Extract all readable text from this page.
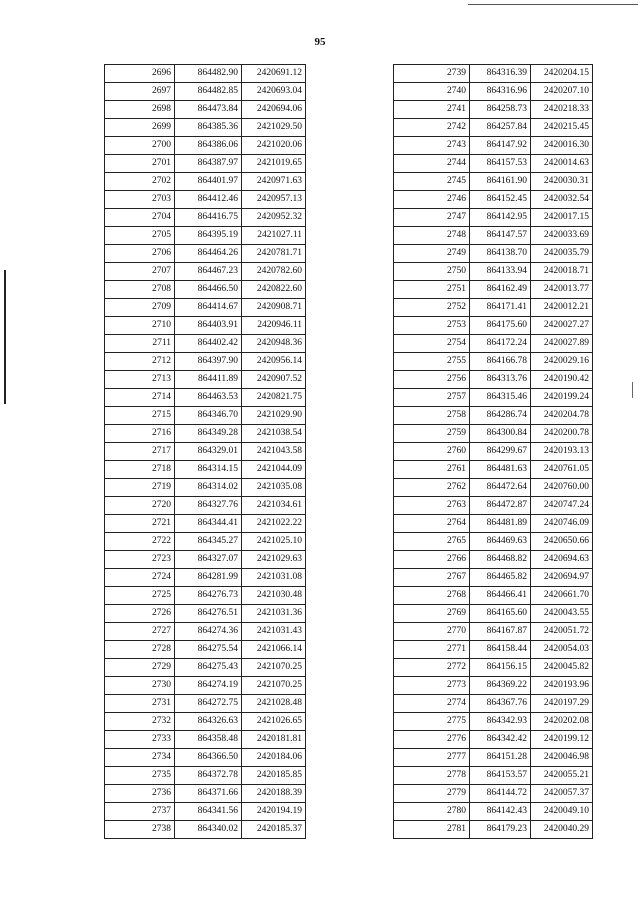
95
2696	864482.90	2420691.12
2697	864482.85	2420693.04
2698	864473.84	2420694.06
2699	864385.36	2421029.50
2700	864386.06	2421020.06
2701	864387.97	2421019.65
2702	864401.97	2420971.63
2703	864412.46	2420957.13
2704	864416.75	2420952.32
2705	864395.19	2421027.11
2706	864464.26	2420781.71
2707	864467.23	2420782.60
2708	864466.50	2420822.60
2709	864414.67	2420908.71
2710	864403.91	2420946.11
2711	864402.42	2420948.36
2712	864397.90	2420956.14
2713	864411.89	2420907.52
2714	864463.53	2420821.75
2715	864346.70	2421029.90
2716	864349.28	2421038.54
2717	864329.01	2421043.58
2718	864314.15	2421044.09
2719	864314.02	2421035.08
2720	864327.76	2421034.61
2721	864344.41	2421022.22
2722	864345.27	2421025.10
2723	864327.07	2421029.63
2724	864281.99	2421031.08
2725	864276.73	2421030.48
2726	864276.51	2421031.36
2727	864274.36	2421031.43
2728	864275.54	2421066.14
2729	864275.43	2421070.25
2730	864274.19	2421070.25
2731	864272.75	2421028.48
2732	864326.63	2421026.65
2733	864358.48	2420181.81
2734	864366.50	2420184.06
2735	864372.78	2420185.85
2736	864371.66	2420188.39
2737	864341.56	2420194.19
2738	864340.02	2420185.37
2739	864316.39	2420204.15
2740	864316.96	2420207.10
2741	864258.73	2420218.33
2742	864257.84	2420215.45
2743	864147.92	2420016.30
2744	864157.53	2420014.63
2745	864161.90	2420030.31
2746	864152.45	2420032.54
2747	864142.95	2420017.15
2748	864147.57	2420033.69
2749	864138.70	2420035.79
2750	864133.94	2420018.71
2751	864162.49	2420013.77
2752	864171.41	2420012.21
2753	864175.60	2420027.27
2754	864172.24	2420027.89
2755	864166.78	2420029.16
2756	864313.76	2420190.42
2757	864315.46	2420199.24
2758	864286.74	2420204.78
2759	864300.84	2420200.78
2760	864299.67	2420193.13
2761	864481.63	2420761.05
2762	864472.64	2420760.00
2763	864472.87	2420747.24
2764	864481.89	2420746.09
2765	864469.63	2420650.66
2766	864468.82	2420694.63
2767	864465.82	2420694.97
2768	864466.41	2420661.70
2769	864165.60	2420043.55
2770	864167.87	2420051.72
2771	864158.44	2420054.03
2772	864156.15	2420045.82
2773	864369.22	2420193.96
2774	864367.76	2420197.29
2775	864342.93	2420202.08
2776	864342.42	2420199.12
2777	864151.28	2420046.98
2778	864153.57	2420055.21
2779	864144.72	2420057.37
2780	864142.43	2420049.10
2781	864179.23	2420040.29
